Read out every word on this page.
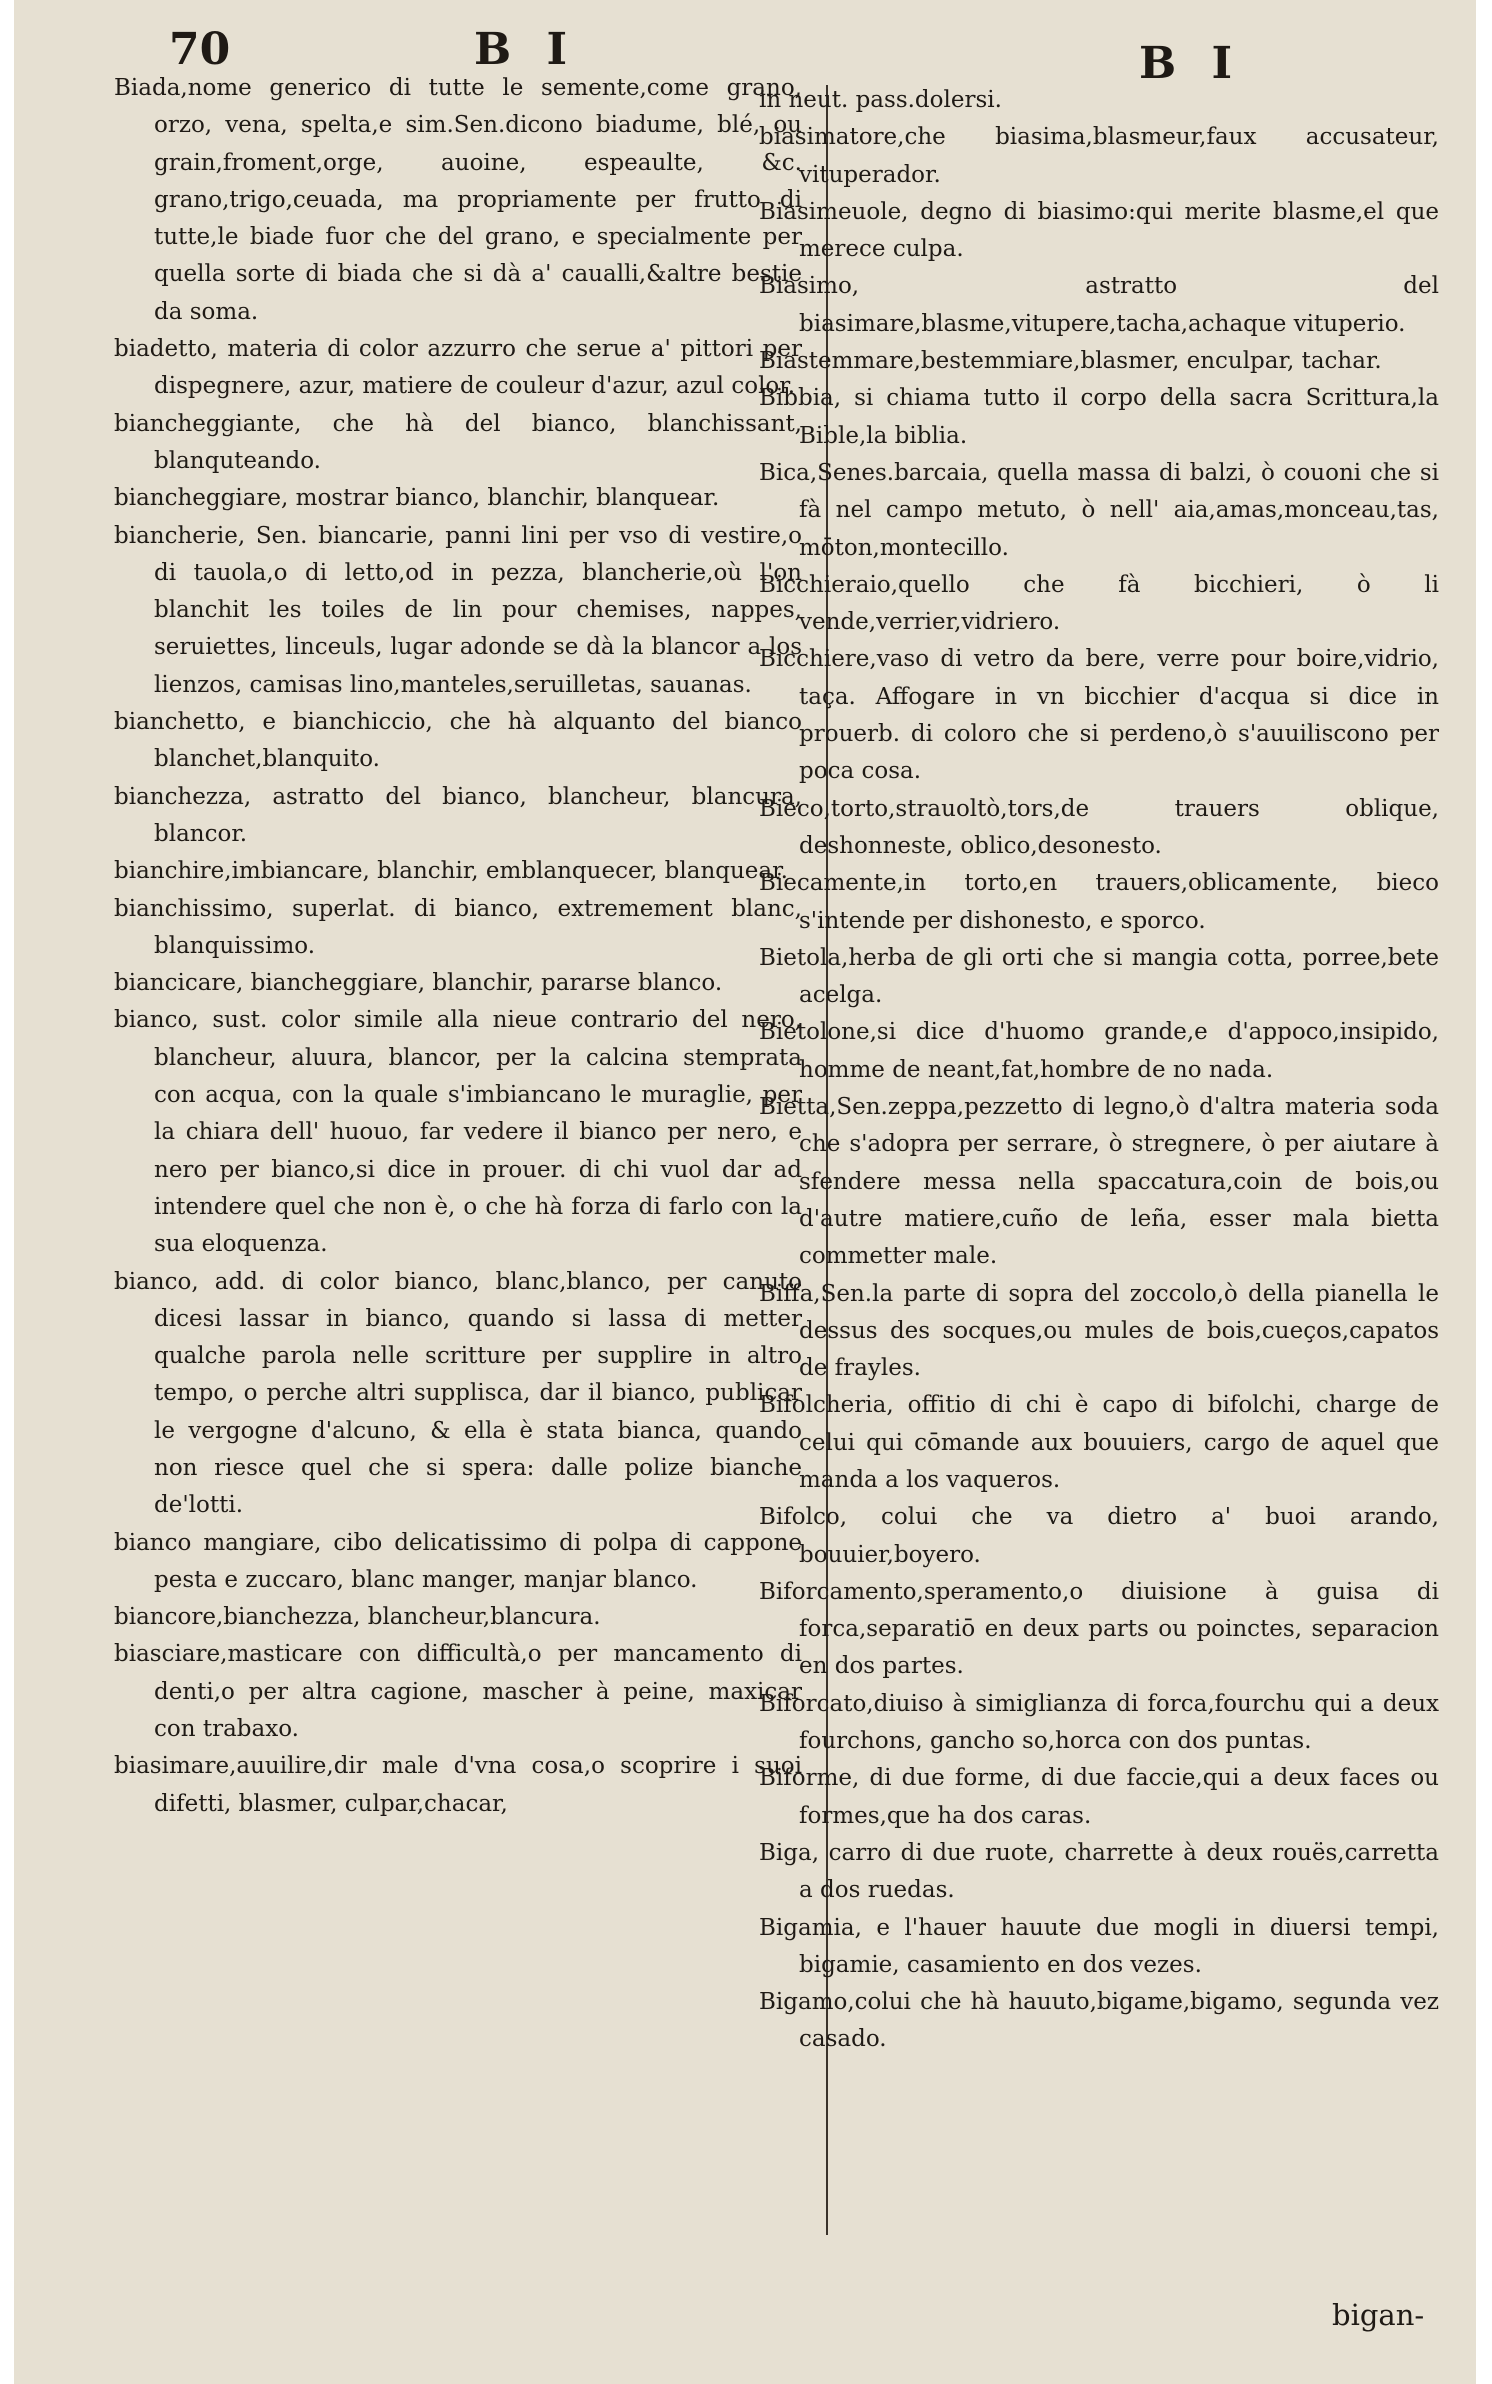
70	B I	B I

Biada,nome generico di tutte le semente,come grano, orzo, vena, spelta,e sim.Sen.dicono biadume, blé, ou grain,froment,orge, auoine, espeaulte, &c. grano,trigo,ceuada, ma propriamente per frutto di tutte,le biade fuor che del grano, e specialmente per quella sorte di biada che si dà a' caualli,&altre bestie da soma.

biadetto, materia di color azzurro che serue a' pittori per dispegnere, azur, matiere de couleur d'azur, azul color.

biancheggiante, che hà del bianco, blanchissant, blanquteando.

biancheggiare, mostrar bianco, blanchir, blanquear.

biancherie, Sen. biancarie, panni lini per vso di vestire,o di tauola,o di letto,od in pezza, blancherie,où l'on blanchit les toiles de lin pour chemises, nappes, seruiettes, linceuls, lugar adonde se dà la blancor a los lienzos, camisas lino,manteles,seruilletas, sauanas.

bianchetto, e bianchiccio, che hà alquanto del bianco blanchet,blanquito.

bianchezza, astratto del bianco, blancheur, blancura, blancor.

bianchire,imbiancare, blanchir, emblanquecer, blanquear.

bianchissimo, superlat. di bianco, extremement blanc, blanquissimo.

biancicare, biancheggiare, blanchir, pararse blanco.

bianco, sust. color simile alla nieue contrario del nero, blancheur, aluura, blancor, per la calcina stemprata con acqua, con la quale s'imbiancano le muraglie, per la chiara dell' huouo, far vedere il bianco per nero, e nero per bianco,si dice in prouer. di chi vuol dar ad intendere quel che non è, o che hà forza di farlo con la sua eloquenza.

bianco, add. di color bianco, blanc,blanco, per canuto dicesi lassar in bianco, quando si lassa di metter qualche parola nelle scritture per supplire in altro tempo, o perche altri supplisca, dar il bianco, publicar le vergogne d'alcuno, & ella è stata bianca, quando non riesce quel che si spera: dalle polize bianche de'lotti.

bianco mangiare, cibo delicatissimo di polpa di cappone pesta e zuccaro, blanc manger, manjar blanco.

biancore,bianchezza, blancheur,blancura.

biasciare,masticare con difficultà,o per mancamento di denti,o per altra cagione, mascher à peine, maxicar con trabaxo.

biasimare,auuilire,dir male d'vna cosa,o scoprire i suoi difetti, blasmer, culpar,chacar,

in neut. pass.dolersi.

biasimatore,che biasima,blasmeur,faux accusateur, vituperador.

Biasimeuole, degno di biasimo:qui merite blasme,el que merece culpa.

Biasimo, astratto del biasimare,blasme,vitupere,tacha,achaque vituperio.

Biastemmare,bestemmiare,blasmer, enculpar, tachar.

Bibbia, si chiama tutto il corpo della sacra Scrittura,la Bible,la biblia.

Bica,Senes.barcaia, quella massa di balzi, ò couoni che si fà nel campo metuto, ò nell' aia,amas,monceau,tas, mōton,montecillo.

Bicchieraio,quello che fà bicchieri, ò li vende,verrier,vidriero.

Bicchiere,vaso di vetro da bere, verre pour boire,vidrio, taça. Affogare in vn bicchier d'acqua si dice in prouerb. di coloro che si perdeno,ò s'auuiliscono per poca cosa.

Bieco,torto,strauoltò,tors,de trauers oblique, deshonneste, oblico,desonesto.

Biecamente,in torto,en trauers,oblicamente, bieco s'intende per dishonesto, e sporco.

Bietola,herba de gli orti che si mangia cotta, porree,bete acelga.

Bietolone,si dice d'huomo grande,e d'appoco,insipido, homme de neant,fat,hombre de no nada.

Bietta,Sen.zeppa,pezzetto di legno,ò d'altra materia soda che s'adopra per serrare, ò stregnere, ò per aiutare à sfendere messa nella spaccatura,coin de bois,ou d'autre matiere,cuño de leña, esser mala bietta commetter male.

Biffa,Sen.la parte di sopra del zoccolo,ò della pianella le dessus des socques,ou mules de bois,cueços,capatos de frayles.

Bifolcheria, offitio di chi è capo di bifolchi, charge de celui qui cōmande aux bouuiers, cargo de aquel que manda a los vaqueros.

Bifolco, colui che va dietro a' buoi arando, bouuier,boyero.

Biforcamento,speramento,o diuisione à guisa di forca,separatiō en deux parts ou poinctes, separacion en dos partes.

Biforcato,diuiso à simiglianza di forca,fourchu qui a deux fourchons, gancho so,horca con dos puntas.

Biforme, di due forme, di due faccie,qui a deux faces ou formes,que ha dos caras.

Biga, carro di due ruote, charrette à deux rouës,carretta a dos ruedas.

Bigamia, e l'hauer hauute due mogli in diuersi tempi, bigamie, casamiento en dos vezes.

Bigamo,colui che hà hauuto,bigame,bigamo, segunda vez casado.

bigan-
